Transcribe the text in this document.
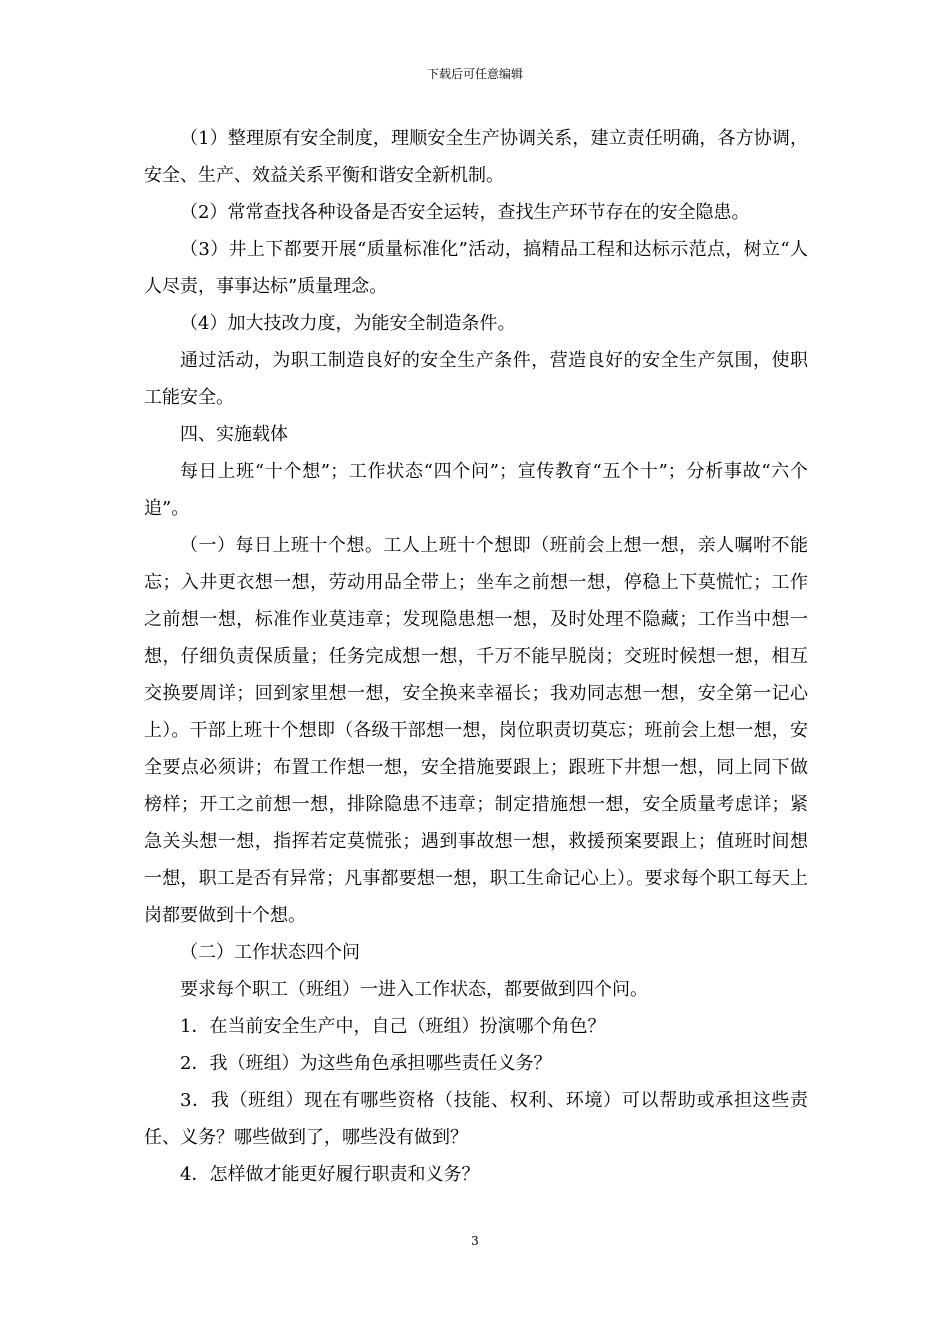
下载后可任意编辑

（1）整理原有安全制度，理顺安全生产协调关系，建立责任明确，各方协调，安全、生产、效益关系平衡和谐安全新机制。

（2）常常查找各种设备是否安全运转，查找生产环节存在的安全隐患。

（3）井上下都要开展“质量标准化”活动，搞精品工程和达标示范点，树立“人人尽责，事事达标”质量理念。

（4）加大技改力度，为能安全制造条件。

通过活动，为职工制造良好的安全生产条件，营造良好的安全生产氛围，使职工能安全。

四、实施载体

每日上班“十个想”；工作状态“四个问”；宣传教育“五个十”；分析事故“六个追”。

（一）每日上班十个想。工人上班十个想即（班前会上想一想，亲人嘱咐不能忘；入井更衣想一想，劳动用品全带上；坐车之前想一想，停稳上下莫慌忙；工作之前想一想，标准作业莫违章；发现隐患想一想，及时处理不隐藏；工作当中想一想，仔细负责保质量；任务完成想一想，千万不能早脱岗；交班时候想一想，相互交换要周详；回到家里想一想，安全换来幸福长；我劝同志想一想，安全第一记心上）。干部上班十个想即（各级干部想一想，岗位职责切莫忘；班前会上想一想，安全要点必须讲；布置工作想一想，安全措施要跟上；跟班下井想一想，同上同下做榜样；开工之前想一想，排除隐患不违章；制定措施想一想，安全质量考虑详；紧急关头想一想，指挥若定莫慌张；遇到事故想一想，救援预案要跟上；值班时间想一想，职工是否有异常；凡事都要想一想，职工生命记心上）。要求每个职工每天上岗都要做到十个想。

（二）工作状态四个问

要求每个职工（班组）一进入工作状态，都要做到四个问。

1．在当前安全生产中，自己（班组）扮演哪个角色？

2．我（班组）为这些角色承担哪些责任义务？

3．我（班组）现在有哪些资格（技能、权利、环境）可以帮助或承担这些责任、义务？哪些做到了，哪些没有做到？

4．怎样做才能更好履行职责和义务？

3
